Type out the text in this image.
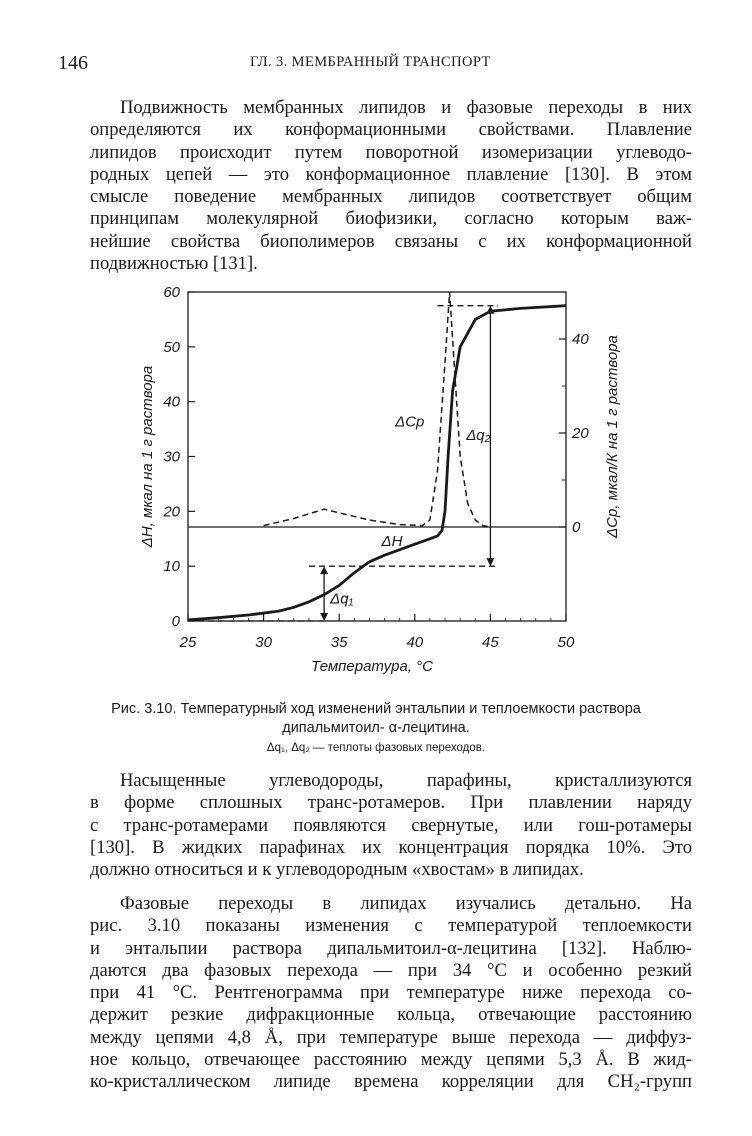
146	ГЛ. 3. МЕМБРАННЫЙ ТРАНСПОРТ
Подвижность мембранных липидов и фазовые переходы в них
определяются их конформационными свойствами. Плавление
липидов происходит путем поворотной изомеризации углеводо-
родных цепей — это конформационное плавление [130]. В этом
смысле поведение мембранных липидов соответствует общим
принципам молекулярной биофизики, согласно которым важ-
нейшие свойства биополимеров связаны с их конформационной
подвижностью [131].
25	30	35	40	45	50
0
10
20
30
40
50
60
0
20
40
Температура, °C
ΔH, мкал на 1 г раствора	ΔCp, мкал/К на 1 г раствора
ΔH
ΔCp
Δq₁
Δq₂
Рис. 3.10. Температурный ход изменений энтальпии и теплоемкости раствора дипальмитоил- α-лецитина.
Δq₁, Δq₂ — теплоты фазовых переходов.
Насыщенные углеводороды, парафины, кристаллизуются
в форме сплошных транс-ротамеров. При плавлении наряду
с транс-ротамерами появляются свернутые, или гош-ротамеры
[130]. В жидких парафинах их концентрация порядка 10%. Это
должно относиться и к углеводородным «хвостам» в липидах.
Фазовые переходы в липидах изучались детально. На
рис. 3.10 показаны изменения с температурой теплоемкости
и энтальпии раствора дипальмитоил-α-лецитина [132]. Наблю-
даются два фазовых перехода — при 34 °C и особенно резкий
при 41 °C. Рентгенограмма при температуре ниже перехода со-
держит резкие дифракционные кольца, отвечающие расстоянию
между цепями 4,8 Å, при температуре выше перехода — диффуз-
ное кольцо, отвечающее расстоянию между цепями 5,3 Å. В жид-
ко-кристаллическом липиде времена корреляции для CH₂-групп
